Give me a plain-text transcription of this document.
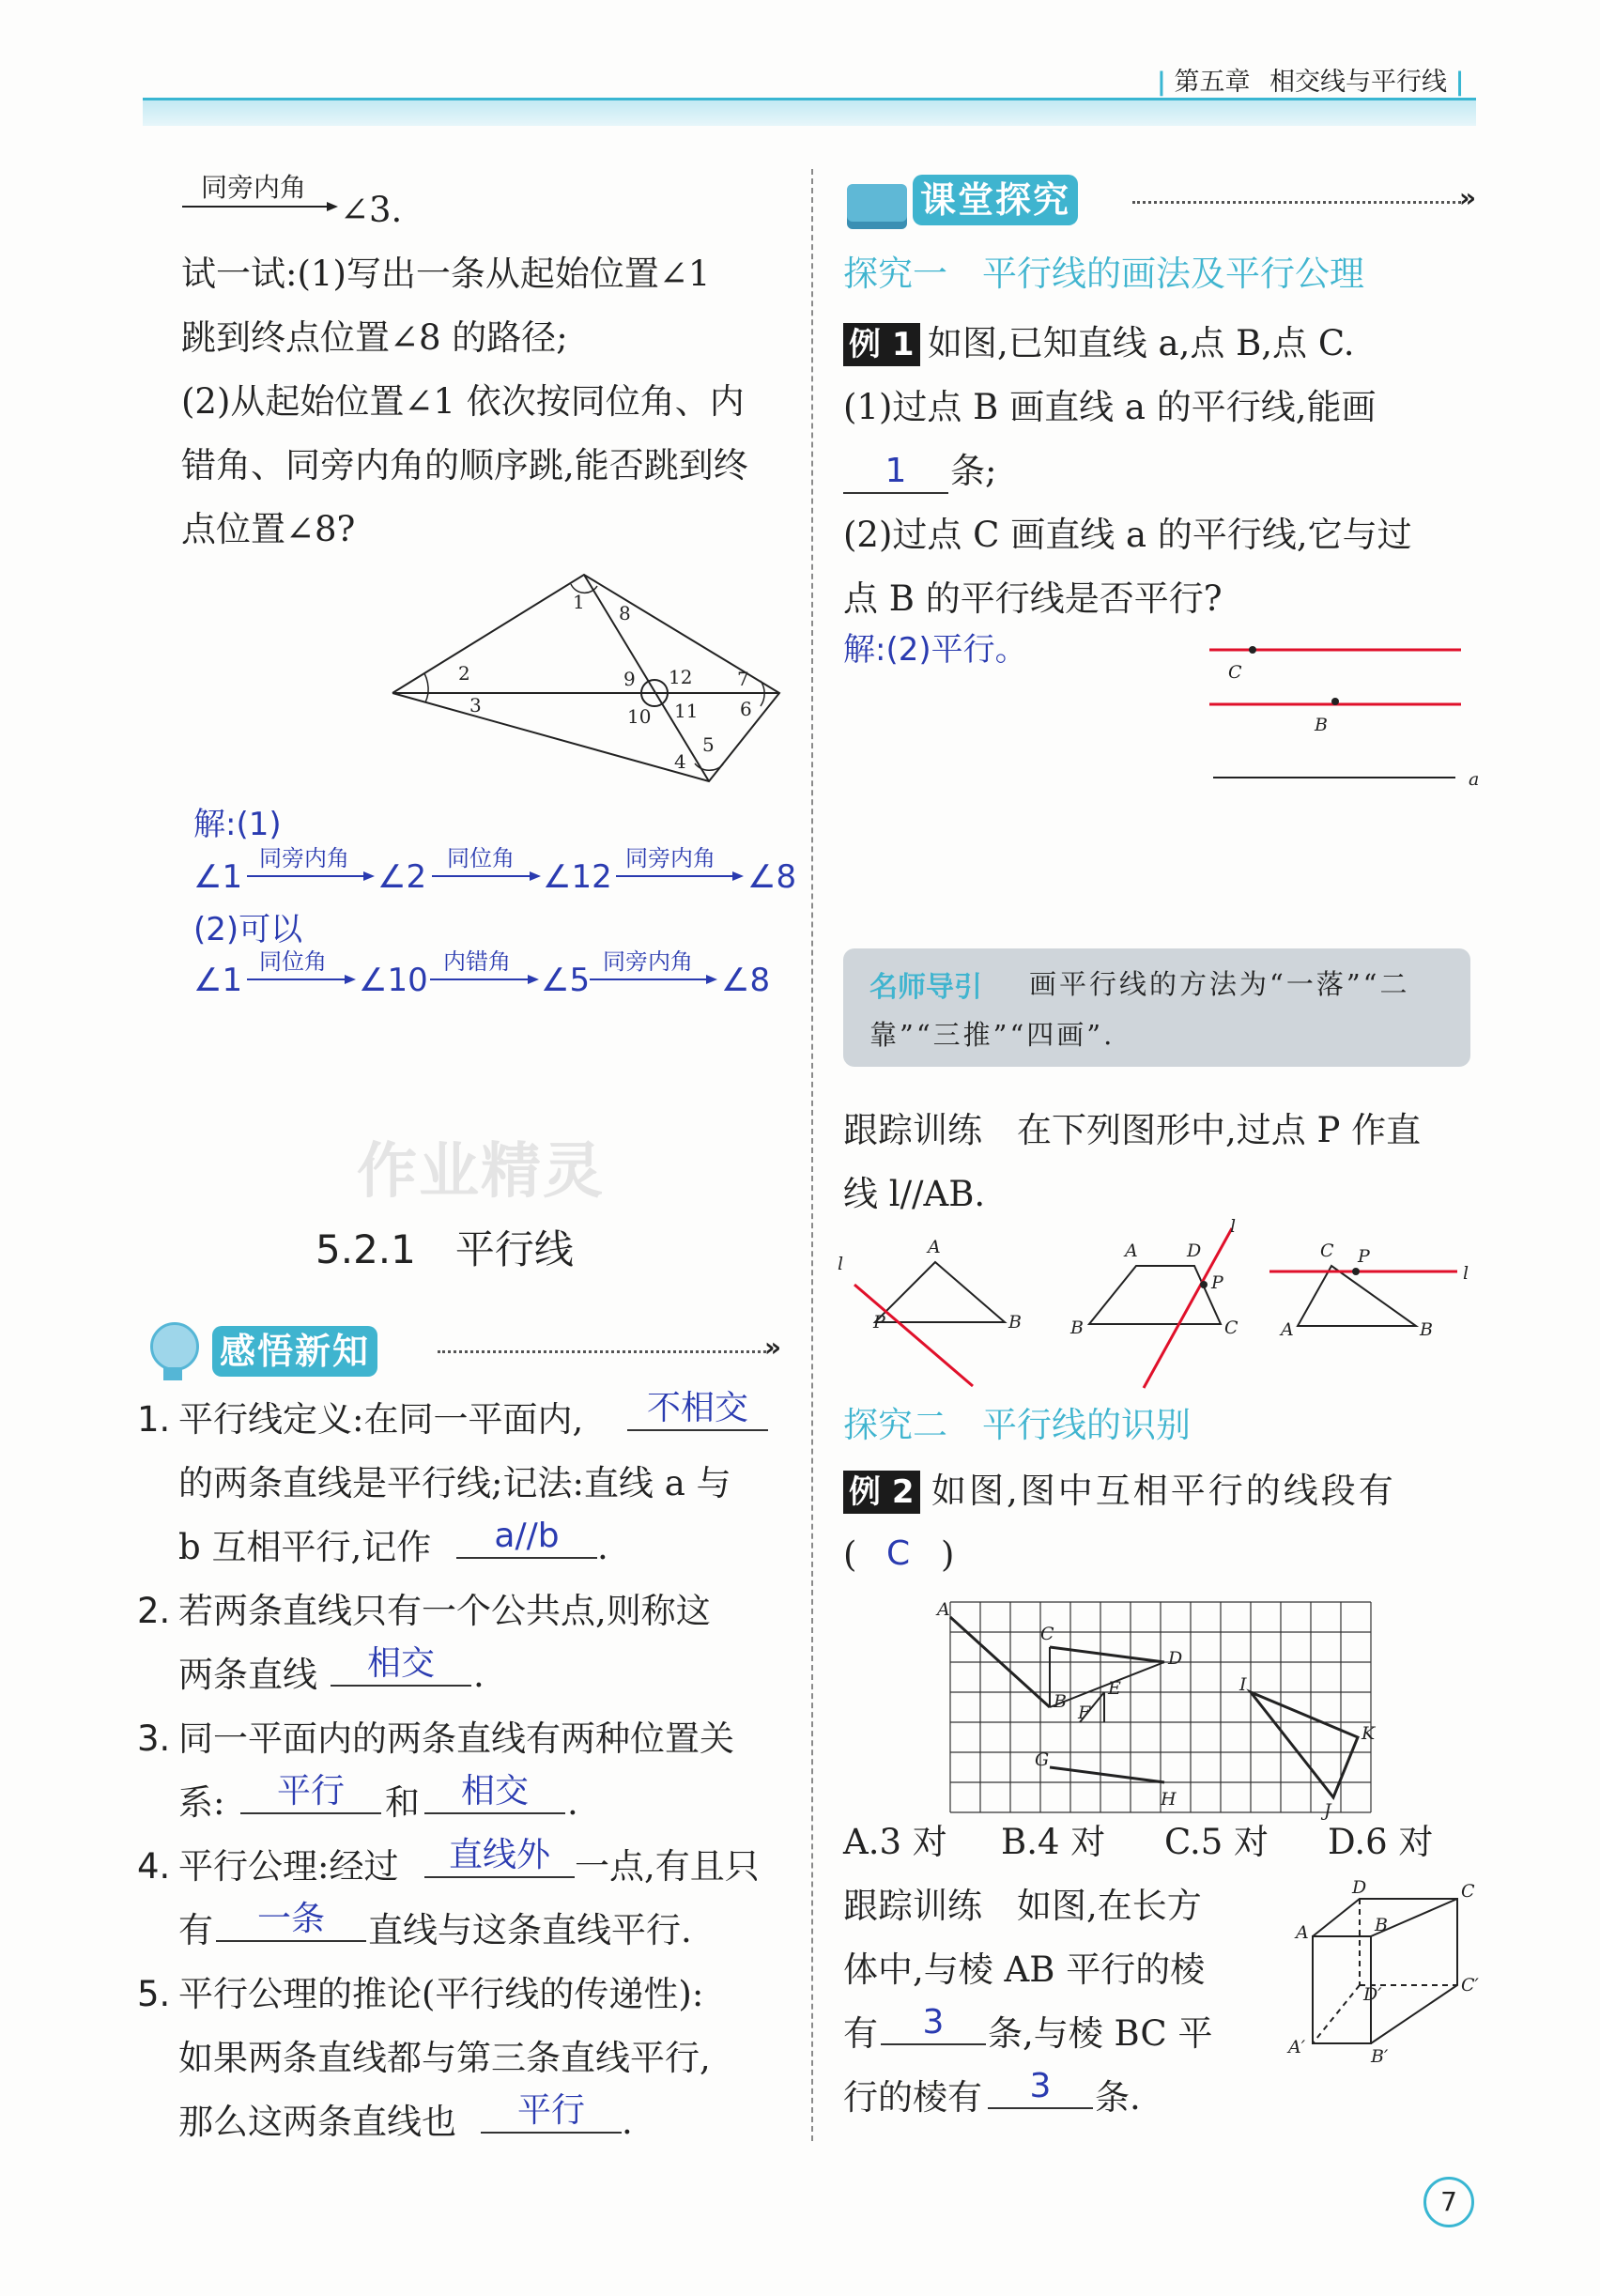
| 第五章 相交线与平行线 |
同旁内角
∠3.
试一试:(1)写出一条从起始位置∠1
跳到终点位置∠8 的路径;
(2)从起始位置∠1 依次按同位角、内
错角、同旁内角的顺序跳,能否跳到终
点位置∠8?
1 8
2
3
9 12 7
6
10 11
4
5
解:(1)
∠1 同旁内角 ∠2 同位角 ∠12 同旁内角 ∠8
(2)可以
∠1 同位角 ∠10 内错角 ∠5 同旁内角 ∠8
作业精灵
5.2.1　平行线
感悟新知	»
1. 平行线定义:在同一平面内,	不相交
的两条直线是平行线;记法:直线 a 与
b 互相平行,记作	a//b	.
2. 若两条直线只有一个公共点,则称这
两条直线	相交	.
3. 同一平面内的两条直线有两种位置关
系:	平行	和	相交	.
4. 平行公理:经过	直线外 一点,有且只
有	一条	直线与这条直线平行.
5. 平行公理的推论(平行线的传递性):
如果两条直线都与第三条直线平行,
那么这两条直线也	平行	.
课堂探究	»
探究一　平行线的画法及平行公理
例 1 如图,已知直线 a,点 B,点 C.
(1)过点 B 画直线 a 的平行线,能画
1	条;
(2)过点 C 画直线 a 的平行线,它与过
点 B 的平行线是否平行?
解:(2)平行。
C
B
a
名师导引 画平行线的方法为“一落”“二
靠”“三推”“四画”.
跟踪训练　在下列图形中,过点 P 作直
线 l//AB.
l
A
P	B
l
A	D
P
B	C
C P
l
A	B
探究二　平行线的识别
例 2 如图,图中互相平行的线段有
( C )
A
C
D
B
E
F
I
K
G
H
J
A.3 对 B.4 对 C.5 对 D.6 对
跟踪训练　如图,在长方
体中,与棱 AB 平行的棱
有	3	条,与棱 BC 平
行的棱有	3	条.
D	C
A	B
D′	C′
A′	B′
7
